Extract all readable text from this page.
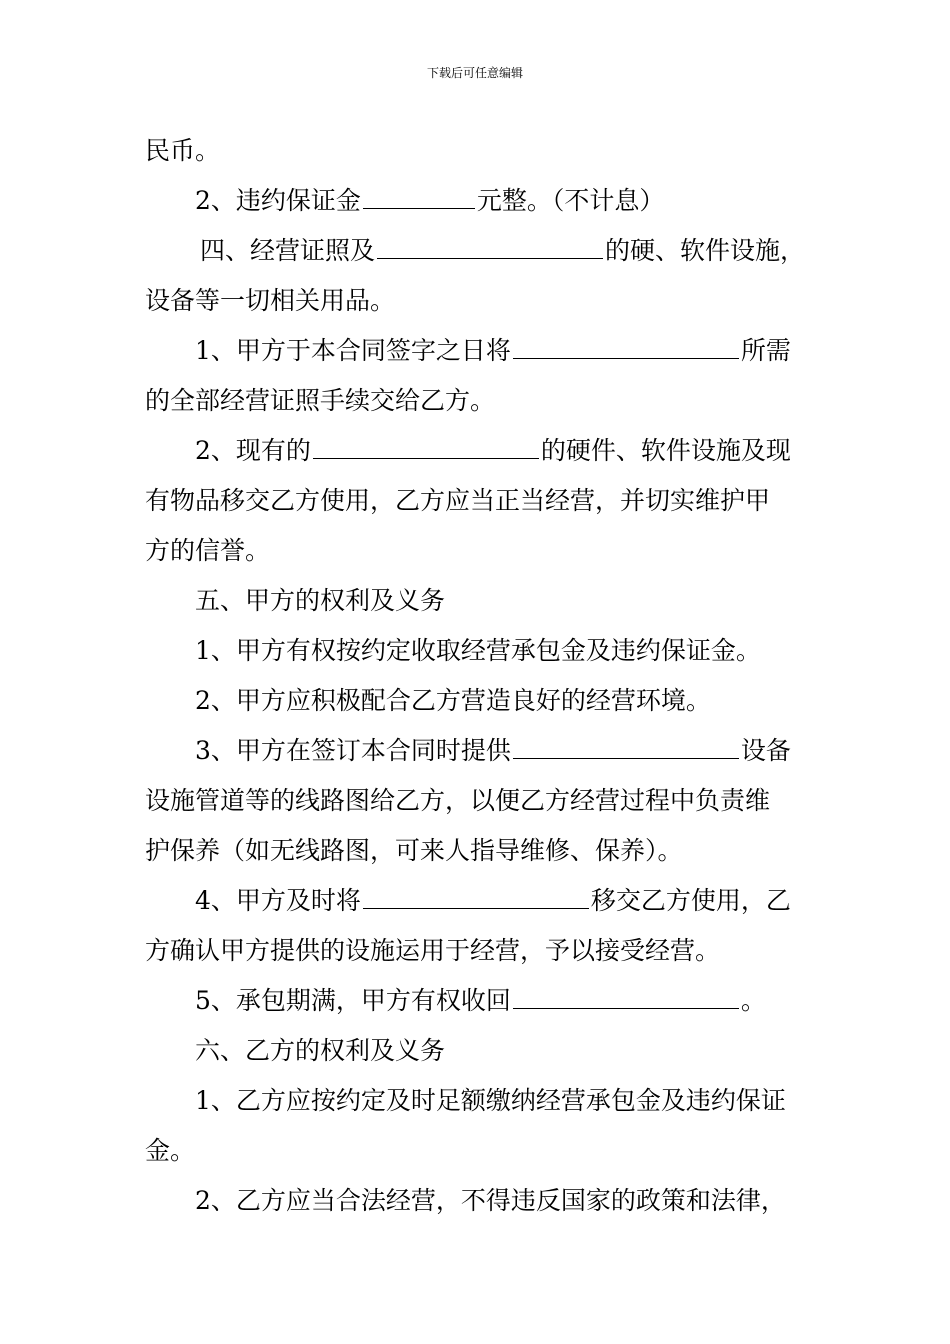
下载后可任意编辑
民币。
2、违约保证金	元整。（不计息）
四、经营证照及	的硬、软件设施，
设备等一切相关用品。
1、甲方于本合同签字之日将	所需
的全部经营证照手续交给乙方。
2、现有的	的硬件、软件设施及现
有物品移交乙方使用，乙方应当正当经营，并切实维护甲
方的信誉。
五、甲方的权利及义务
1、甲方有权按约定收取经营承包金及违约保证金。
2、甲方应积极配合乙方营造良好的经营环境。
3、甲方在签订本合同时提供	设备
设施管道等的线路图给乙方，以便乙方经营过程中负责维
护保养（如无线路图，可来人指导维修、保养）。
4、甲方及时将	移交乙方使用，乙
方确认甲方提供的设施运用于经营，予以接受经营。
5、承包期满，甲方有权收回	。
六、乙方的权利及义务
1、乙方应按约定及时足额缴纳经营承包金及违约保证
金。
2、乙方应当合法经营，不得违反国家的政策和法律，
